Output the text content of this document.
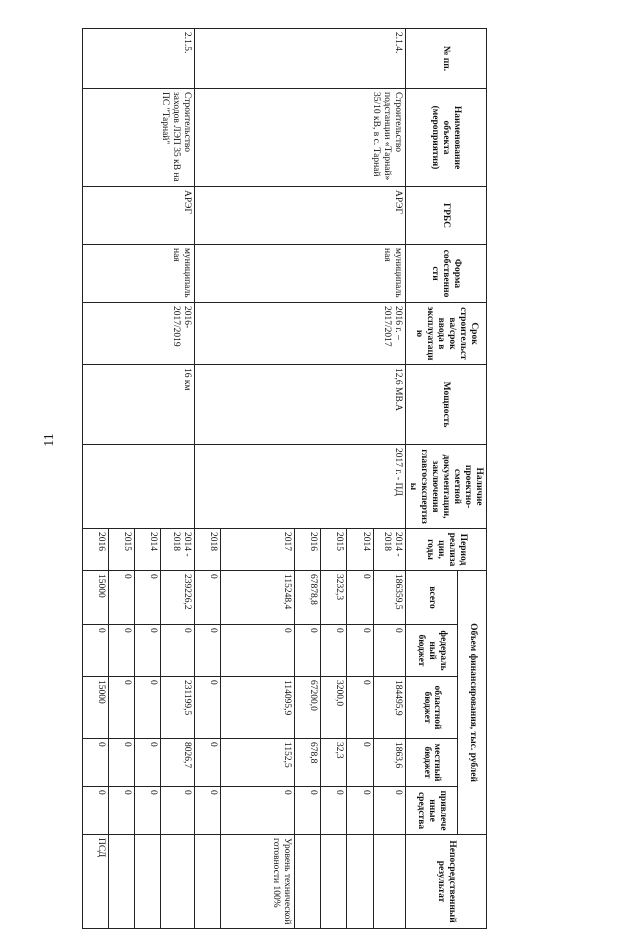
11
№ пп.	Наименование объекта (мероприятия)	ГРБС	Форма собственности	Срок строительства/срок ввода в эксплуатацию	Мощность	Наличие проектно-сметной документации, заключения главгосэкспертизы	Период реализации, годы	Объем финансирования, тыс. рублей					Непосредственный результат
								всего	федеральный бюджет	областной бюджет	местный бюджет	привлеченные средства	
2.1.4.	Строительство подстанции «Тарнай» 35/10 кВ, в с. Тарнай	АРЭГ	муниципальная	2016 г. – 2017/2017	12,6 МВ.А	2017 г. - ПД	2014 - 2018	186359,5	0	184495,9	1863,6	0	
							2014	0	0	0	0	0	
							2015	3232,3	0	3200,0	32,3	0	
							2016	67878,8	0	67200,0	678,8	0	
							2017	115248,4	0	114095,9	1152,5	0	Уровень технической готовности 100%
							2018	0	0	0	0	0	
2.1.5.	Строительство заходов ЛЭП 35 кВ на ПС "Тарнай"	АРЭГ	муниципальная	2016-2017/2019	16 км		2014 - 2018	239226,2	0	231199,5	8026,7	0	
							2014	0	0	0	0	0	
							2015	0	0	0	0	0	
							2016	15000	0	15000	0	0	ПСД
